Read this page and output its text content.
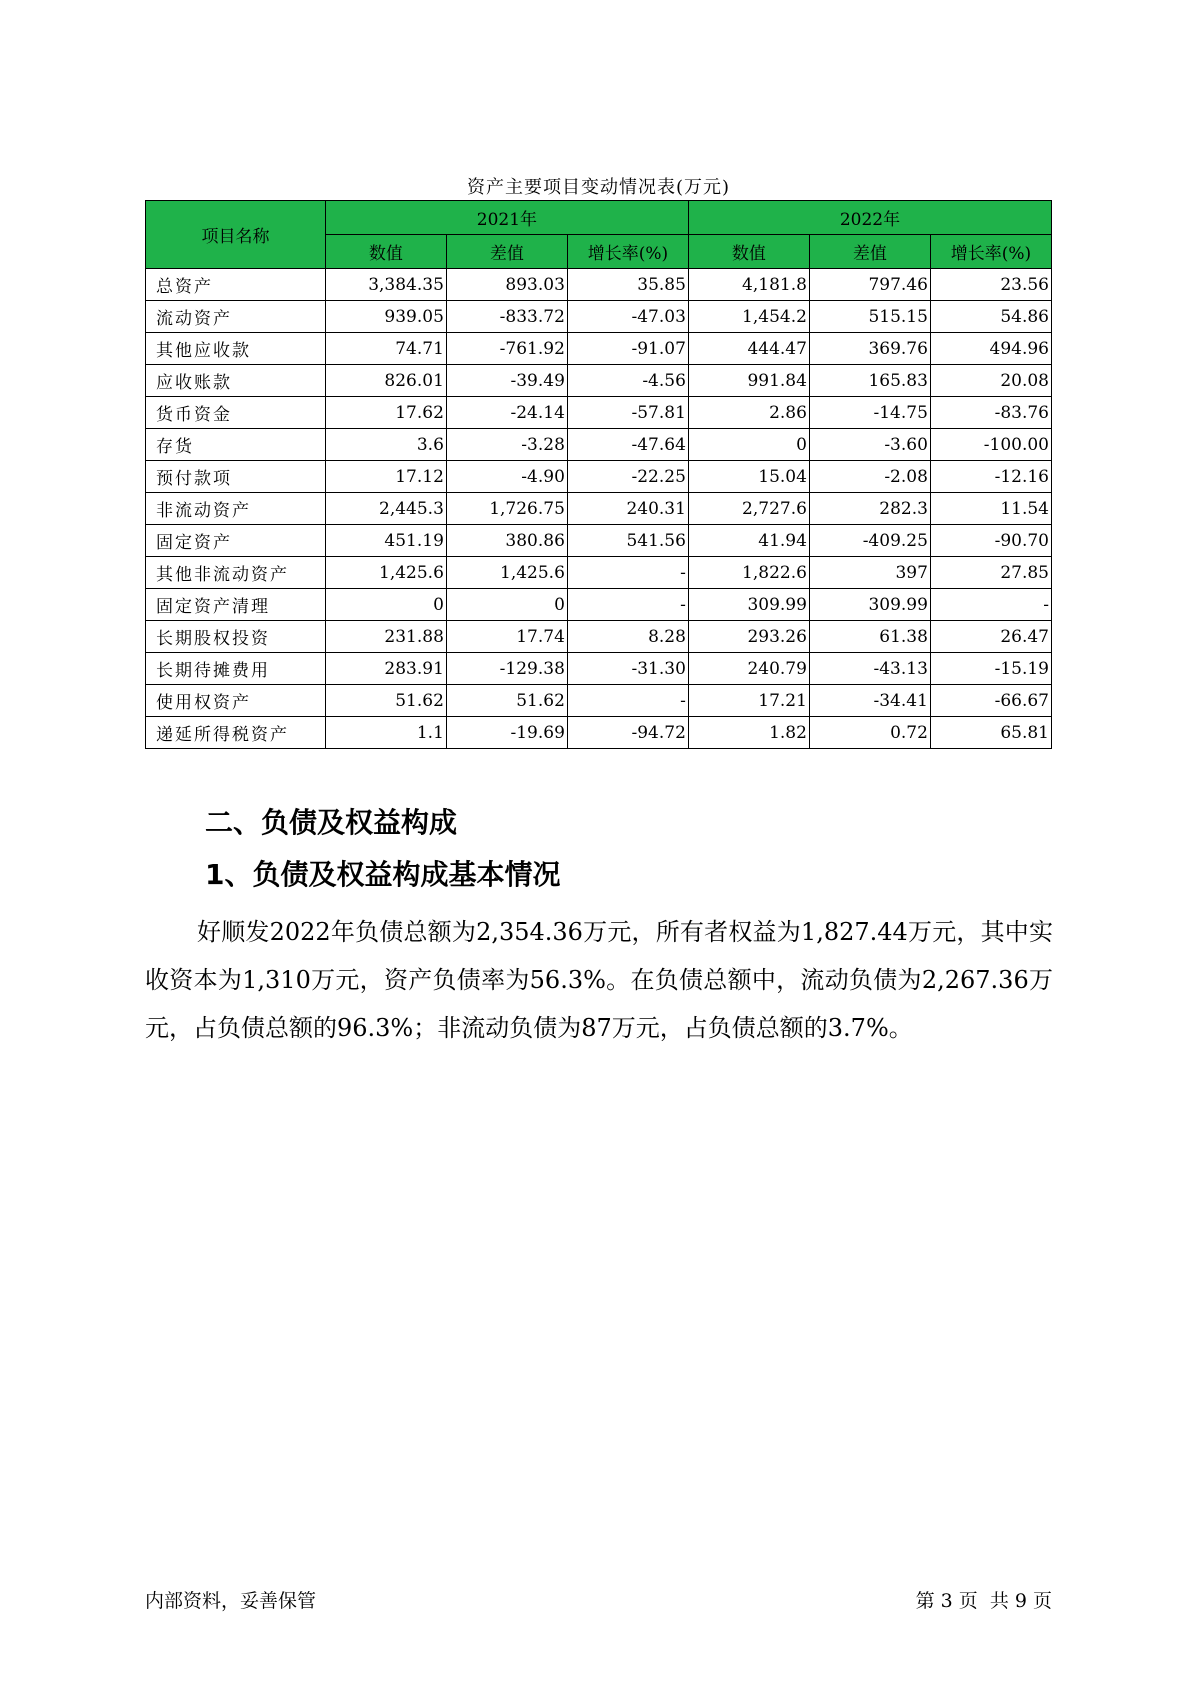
资产主要项目变动情况表(万元)
项目名称	2021年			2022年		
	数值	差值	增长率(%)	数值	差值	增长率(%)
总资产	3,384.35	893.03	35.85	4,181.8	797.46	23.56
流动资产	939.05	-833.72	-47.03	1,454.2	515.15	54.86
其他应收款	74.71	-761.92	-91.07	444.47	369.76	494.96
应收账款	826.01	-39.49	-4.56	991.84	165.83	20.08
货币资金	17.62	-24.14	-57.81	2.86	-14.75	-83.76
存货	3.6	-3.28	-47.64	0	-3.60	-100.00
预付款项	17.12	-4.90	-22.25	15.04	-2.08	-12.16
非流动资产	2,445.3	1,726.75	240.31	2,727.6	282.3	11.54
固定资产	451.19	380.86	541.56	41.94	-409.25	-90.70
其他非流动资产	1,425.6	1,425.6	-	1,822.6	397	27.85
固定资产清理	0	0	-	309.99	309.99	-
长期股权投资	231.88	17.74	8.28	293.26	61.38	26.47
长期待摊费用	283.91	-129.38	-31.30	240.79	-43.13	-15.19
使用权资产	51.62	51.62	-	17.21	-34.41	-66.67
递延所得税资产	1.1	-19.69	-94.72	1.82	0.72	65.81
二、负债及权益构成
1、负债及权益构成基本情况

好顺发2022年负债总额为2,354.36万元，所有者权益为1,827.44万元，其中实收资本为1,310万元，资产负债率为56.3%。在负债总额中，流动负债为2,267.36万元，占负债总额的96.3%；非流动负债为87万元，占负债总额的3.7%。

内部资料，妥善保管	第 3 页  共 9 页
